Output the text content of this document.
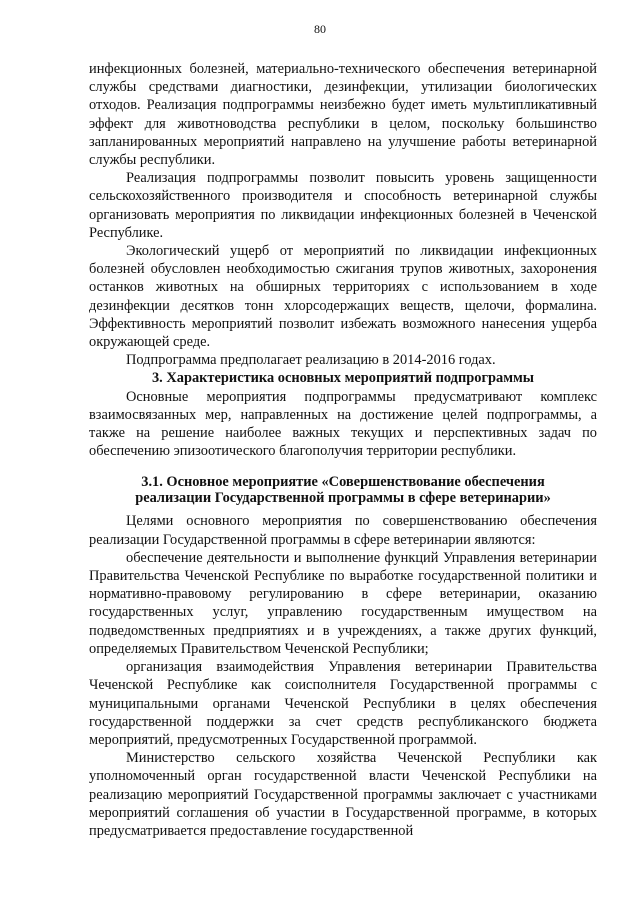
80

инфекционных болезней, материально-технического обеспечения ветеринарной службы средствами диагностики, дезинфекции, утилизации биологических отходов. Реализация подпрограммы неизбежно будет иметь мультипликативный эффект для животноводства республики в целом, поскольку большинство запланированных мероприятий направлено на улучшение работы ветеринарной службы республики.

Реализация подпрограммы позволит повысить уровень защищенности сельскохозяйственного производителя и способность ветеринарной службы организовать мероприятия по ликвидации инфекционных болезней в Чеченской Республике.

Экологический ущерб от мероприятий по ликвидации инфекционных болезней обусловлен необходимостью сжигания трупов животных, захоронения останков животных на обширных территориях с использованием в ходе дезинфекции десятков тонн хлорсодержащих веществ, щелочи, формалина. Эффективность мероприятий позволит избежать возможного нанесения ущерба окружающей среде.

Подпрограмма предполагает реализацию в 2014-2016 годах.

3. Характеристика основных мероприятий подпрограммы

Основные мероприятия подпрограммы предусматривают комплекс взаимосвязанных мер, направленных на достижение целей подпрограммы, а также на решение наиболее важных текущих и перспективных задач по обеспечению эпизоотического благополучия территории республики.

3.1. Основное мероприятие «Совершенствование обеспечения
реализации Государственной программы в сфере ветеринарии»

Целями основного мероприятия по совершенствованию обеспечения реализации Государственной программы в сфере ветеринарии являются:

обеспечение деятельности и выполнение функций Управления ветеринарии Правительства Чеченской Республике по выработке государственной политики и нормативно-правовому регулированию в сфере ветеринарии, оказанию государственных услуг, управлению государственным имуществом на подведомственных предприятиях и в учреждениях, а также других функций, определяемых Правительством Чеченской Республики;

организация взаимодействия Управления ветеринарии Правительства Чеченской Республике как соисполнителя Государственной программы с муниципальными органами Чеченской Республики в целях обеспечения государственной поддержки за счет средств республиканского бюджета мероприятий, предусмотренных Государственной программой.

Министерство сельского хозяйства Чеченской Республики как уполномоченный орган государственной власти Чеченской Республики на реализацию мероприятий Государственной программы заключает с участниками мероприятий соглашения об участии в Государственной программе, в которых предусматривается предоставление государственной
